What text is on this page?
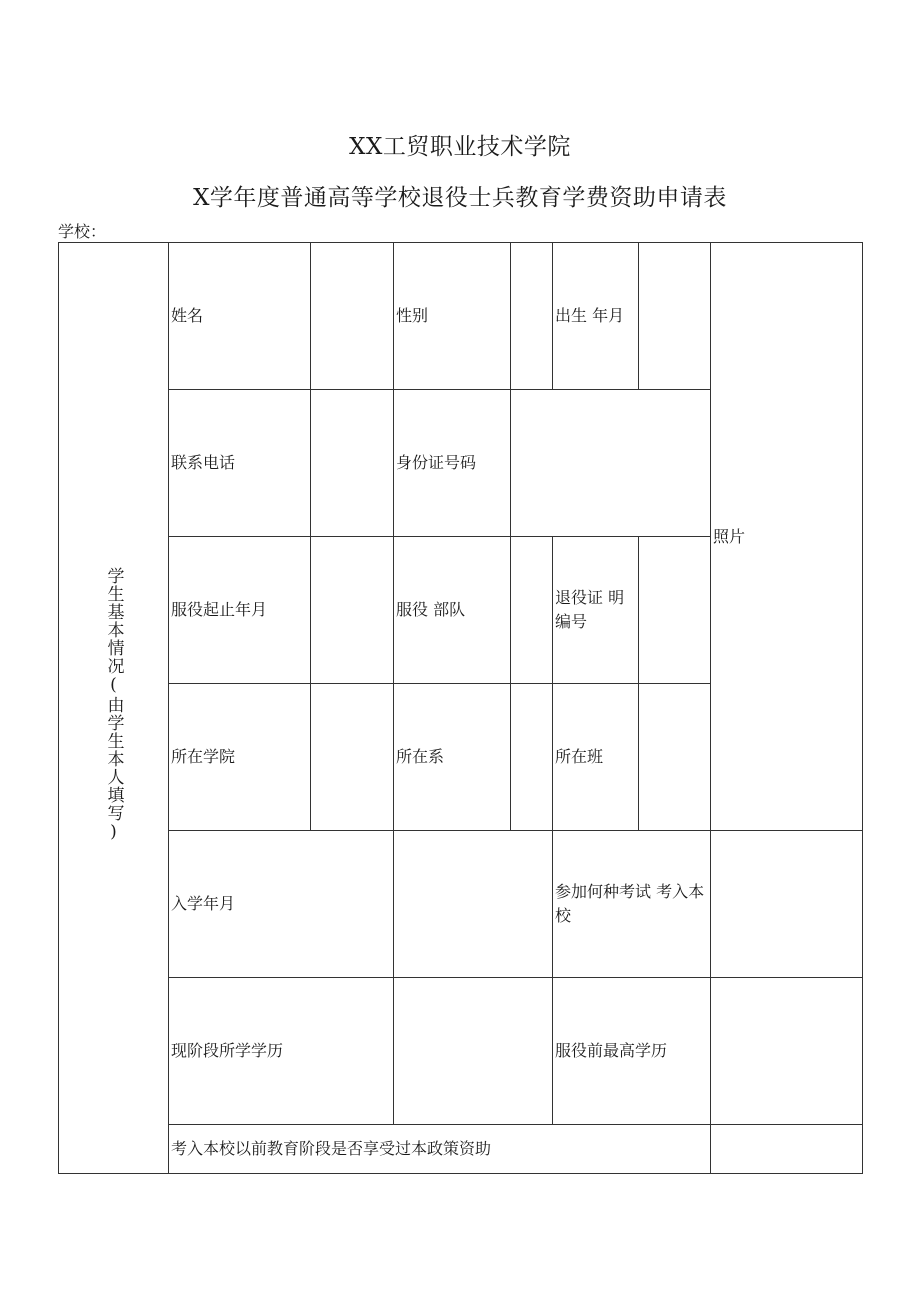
XX工贸职业技术学院
X学年度普通高等学校退役士兵教育学费资助申请表
学校：
学生基本情况(由学生本人填写)	姓名		性别		出生 年月		照片
	联系电话		身份证号码				
	服役起止年月		服役 部队		退役证 明编号		
	所在学院		所在系		所在班		
	入学年月				参加何种考试 考入本校		
	现阶段所学学历				服役前最高学历		
	考入本校以前教育阶段是否享受过本政策资助						
